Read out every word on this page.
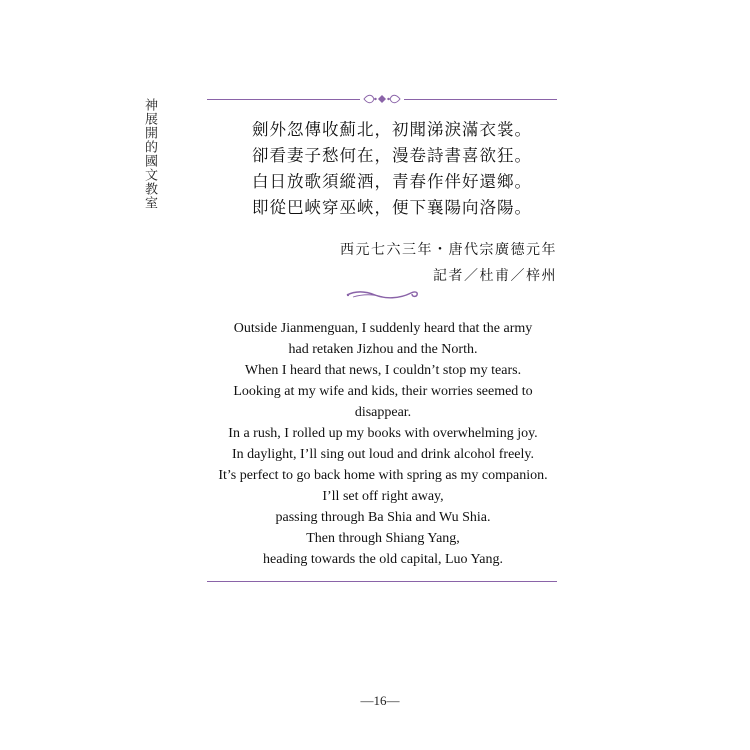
神展開的國文教室	劍外忽傳收薊北，初聞涕淚滿衣裳。
卻看妻子愁何在，漫卷詩書喜欲狂。
白日放歌須縱酒，青春作伴好還鄉。
即從巴峽穿巫峽，便下襄陽向洛陽。
西元七六三年・唐代宗廣德元年
記者／杜甫／梓州
Outside Jianmenguan, I suddenly heard that the army
had retaken Jizhou and the North.
When I heard that news, I couldn’t stop my tears.
Looking at my wife and kids, their worries seemed to
disappear.
In a rush, I rolled up my books with overwhelming joy.
In daylight, I’ll sing out loud and drink alcohol freely.
It’s perfect to go back home with spring as my companion.
I’ll set off right away,
passing through Ba Shia and Wu Shia.
Then through Shiang Yang,
heading towards the old capital, Luo Yang.
—16—
